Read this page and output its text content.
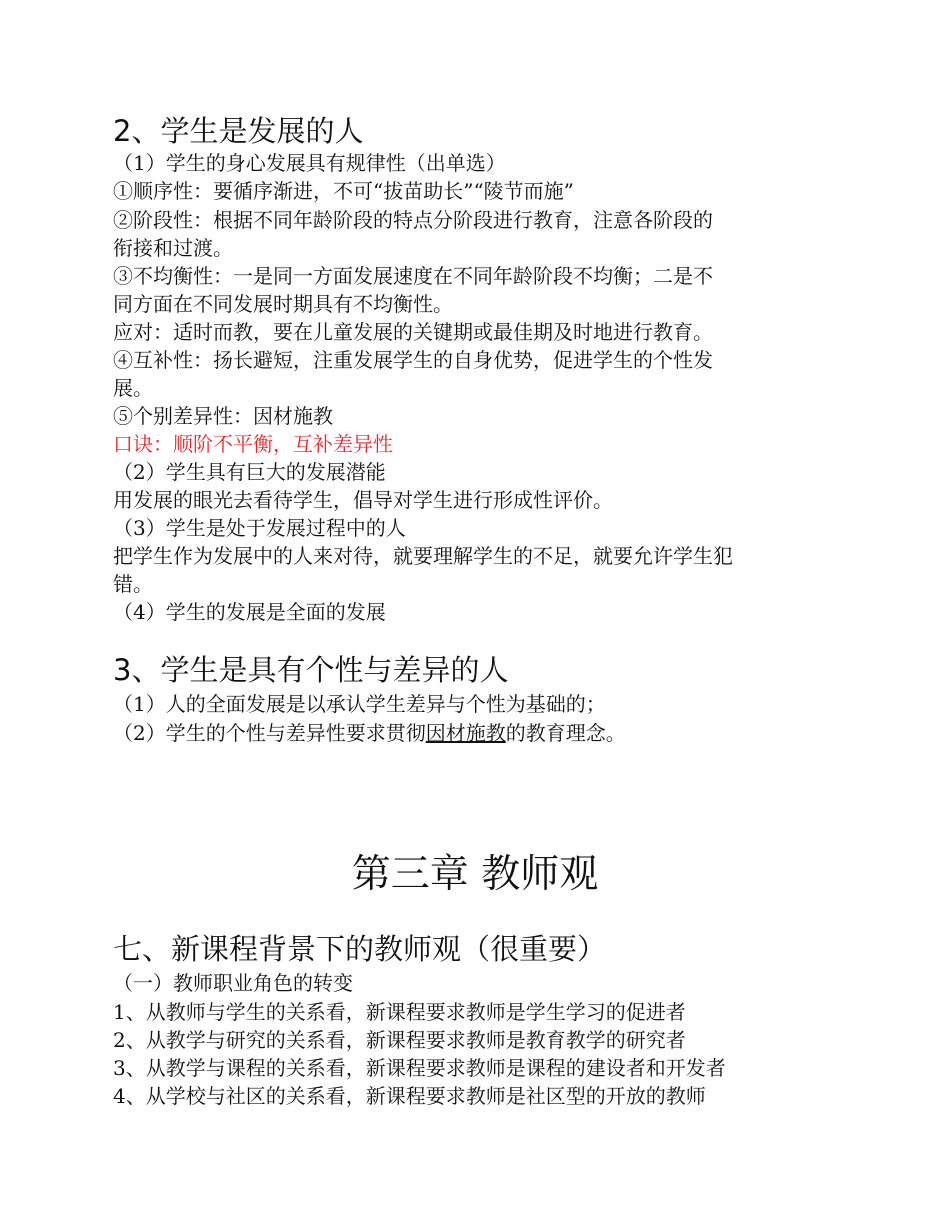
2、学生是发展的人
（1）学生的身心发展具有规律性（出单选）
①顺序性：要循序渐进，不可“拔苗助长”“陵节而施”
②阶段性：根据不同年龄阶段的特点分阶段进行教育，注意各阶段的
衔接和过渡。
③不均衡性：一是同一方面发展速度在不同年龄阶段不均衡；二是不
同方面在不同发展时期具有不均衡性。
应对：适时而教，要在儿童发展的关键期或最佳期及时地进行教育。
④互补性：扬长避短，注重发展学生的自身优势，促进学生的个性发
展。
⑤个别差异性：因材施教
口诀：顺阶不平衡，互补差异性
（2）学生具有巨大的发展潜能
用发展的眼光去看待学生，倡导对学生进行形成性评价。
（3）学生是处于发展过程中的人
把学生作为发展中的人来对待，就要理解学生的不足，就要允许学生犯
错。
（4）学生的发展是全面的发展
3、学生是具有个性与差异的人
（1）人的全面发展是以承认学生差异与个性为基础的；
（2）学生的个性与差异性要求贯彻因材施教的教育理念。
第三章 教师观
七、新课程背景下的教师观（很重要）
（一）教师职业角色的转变
1、从教师与学生的关系看，新课程要求教师是学生学习的促进者
2、从教学与研究的关系看，新课程要求教师是教育教学的研究者
3、从教学与课程的关系看，新课程要求教师是课程的建设者和开发者
4、从学校与社区的关系看，新课程要求教师是社区型的开放的教师
